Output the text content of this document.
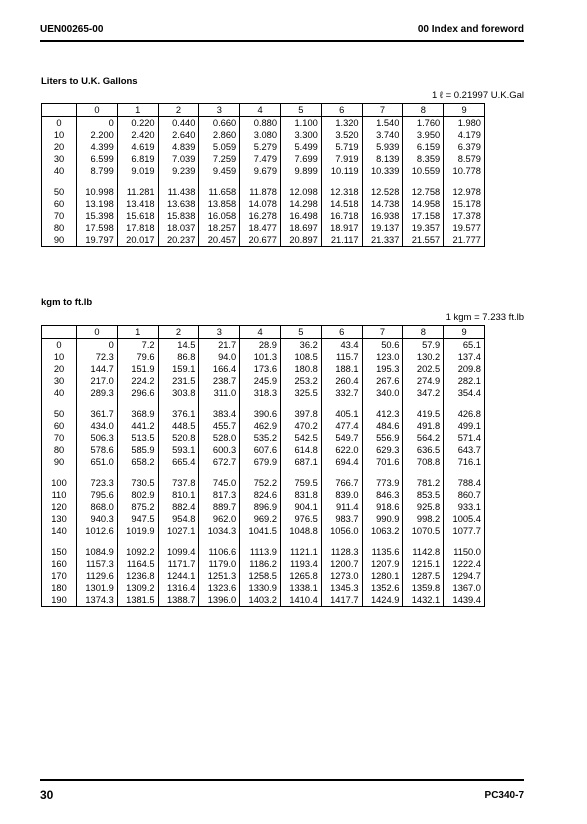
UEN00265-00	00 Index and foreword
Liters to U.K. Gallons
1 ℓ = 0.21997 U.K.Gal
	0	1	2	3	4	5	6	7	8	9
0	0	0.220	0.440	0.660	0.880	1.100	1.320	1.540	1.760	1.980
10	2.200	2.420	2.640	2.860	3.080	3.300	3.520	3.740	3.950	4.179
20	4.399	4.619	4.839	5.059	5.279	5.499	5.719	5.939	6.159	6.379
30	6.599	6.819	7.039	7.259	7.479	7.699	7.919	8.139	8.359	8.579
40	8.799	9.019	9.239	9.459	9.679	9.899	10.119	10.339	10.559	10.778

50	10.998	11.281	11.438	11.658	11.878	12.098	12.318	12.528	12.758	12.978
60	13.198	13.418	13.638	13.858	14.078	14.298	14.518	14.738	14.958	15.178
70	15.398	15.618	15.838	16.058	16.278	16.498	16.718	16.938	17.158	17.378
80	17.598	17.818	18.037	18.257	18.477	18.697	18.917	19.137	19.357	19.577
90	19.797	20.017	20.237	20.457	20.677	20.897	21.117	21.337	21.557	21.777
kgm to ft.lb
1 kgm = 7.233 ft.lb
	0	1	2	3	4	5	6	7	8	9
0	0	7.2	14.5	21.7	28.9	36.2	43.4	50.6	57.9	65.1
10	72.3	79.6	86.8	94.0	101.3	108.5	115.7	123.0	130.2	137.4
20	144.7	151.9	159.1	166.4	173.6	180.8	188.1	195.3	202.5	209.8
30	217.0	224.2	231.5	238.7	245.9	253.2	260.4	267.6	274.9	282.1
40	289.3	296.6	303.8	311.0	318.3	325.5	332.7	340.0	347.2	354.4

50	361.7	368.9	376.1	383.4	390.6	397.8	405.1	412.3	419.5	426.8
60	434.0	441.2	448.5	455.7	462.9	470.2	477.4	484.6	491.8	499.1
70	506.3	513.5	520.8	528.0	535.2	542.5	549.7	556.9	564.2	571.4
80	578.6	585.9	593.1	600.3	607.6	614.8	622.0	629.3	636.5	643.7
90	651.0	658.2	665.4	672.7	679.9	687.1	694.4	701.6	708.8	716.1

100	723.3	730.5	737.8	745.0	752.2	759.5	766.7	773.9	781.2	788.4
110	795.6	802.9	810.1	817.3	824.6	831.8	839.0	846.3	853.5	860.7
120	868.0	875.2	882.4	889.7	896.9	904.1	911.4	918.6	925.8	933.1
130	940.3	947.5	954.8	962.0	969.2	976.5	983.7	990.9	998.2	1005.4
140	1012.6	1019.9	1027.1	1034.3	1041.5	1048.8	1056.0	1063.2	1070.5	1077.7

150	1084.9	1092.2	1099.4	1106.6	1113.9	1121.1	1128.3	1135.6	1142.8	1150.0
160	1157.3	1164.5	1171.7	1179.0	1186.2	1193.4	1200.7	1207.9	1215.1	1222.4
170	1129.6	1236.8	1244.1	1251.3	1258.5	1265.8	1273.0	1280.1	1287.5	1294.7
180	1301.9	1309.2	1316.4	1323.6	1330.9	1338.1	1345.3	1352.6	1359.8	1367.0
190	1374.3	1381.5	1388.7	1396.0	1403.2	1410.4	1417.7	1424.9	1432.1	1439.4
30	PC340-7
